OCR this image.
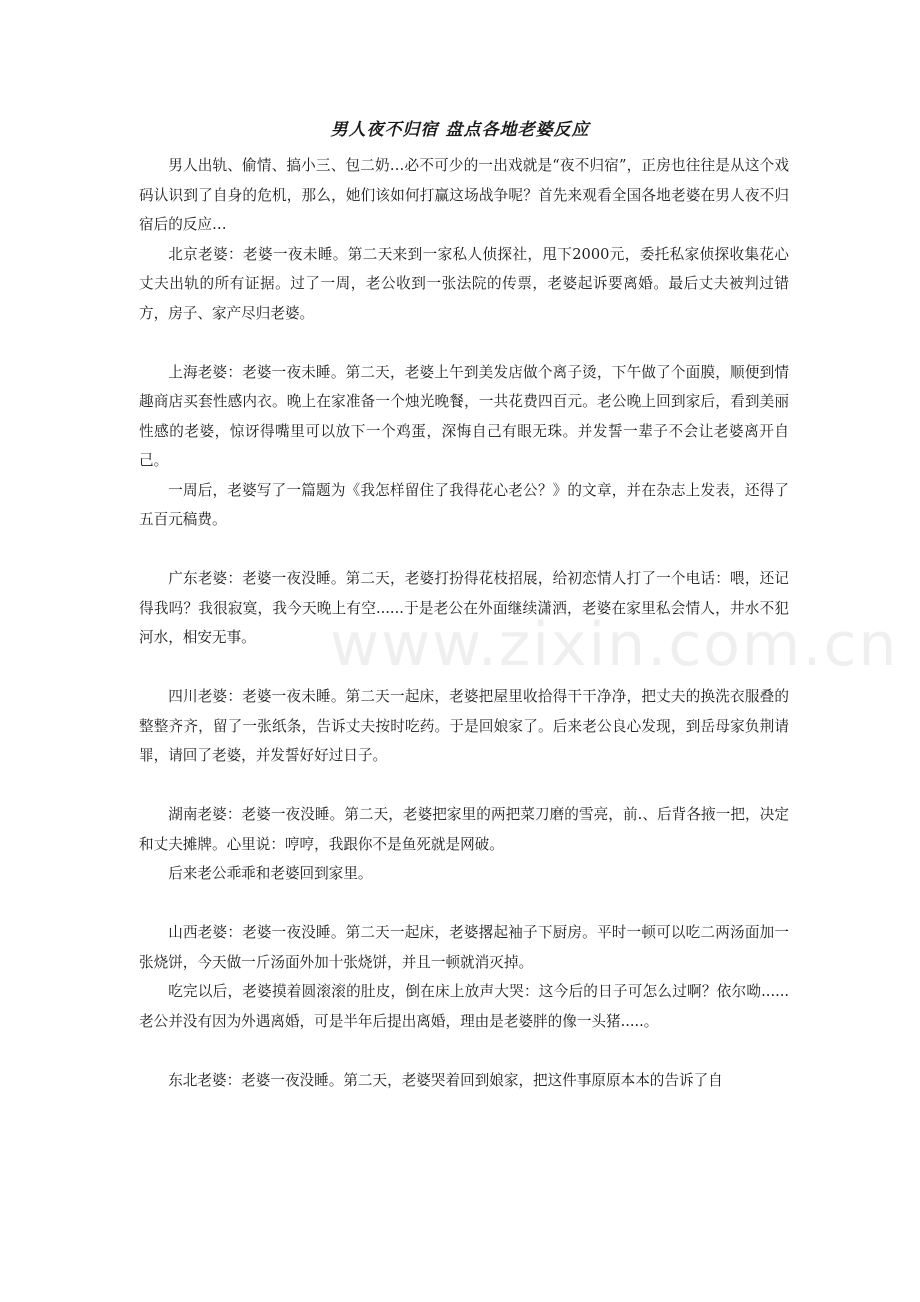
www.zixin.com.cn
男人夜不归宿 盘点各地老婆反应

男人出轨、偷情、搞小三、包二奶…必不可少的一出戏就是“夜不归宿”，正房也往往是从这个戏码认识到了自身的危机，那么，她们该如何打赢这场战争呢？首先来观看全国各地老婆在男人夜不归宿后的反应…

北京老婆：老婆一夜未睡。第二天来到一家私人侦探社，甩下2000元，委托私家侦探收集花心丈夫出轨的所有证据。过了一周，老公收到一张法院的传票，老婆起诉要离婚。最后丈夫被判过错方，房子、家产尽归老婆。

上海老婆：老婆一夜未睡。第二天，老婆上午到美发店做个离子烫，下午做了个面膜，顺便到情趣商店买套性感内衣。晚上在家准备一个烛光晚餐，一共花费四百元。老公晚上回到家后，看到美丽性感的老婆，惊讶得嘴里可以放下一个鸡蛋，深悔自己有眼无珠。并发誓一辈子不会让老婆离开自己。

一周后，老婆写了一篇题为《我怎样留住了我得花心老公？》的文章，并在杂志上发表，还得了五百元稿费。

广东老婆：老婆一夜没睡。第二天，老婆打扮得花枝招展，给初恋情人打了一个电话：喂，还记得我吗？我很寂寞，我今天晚上有空......于是老公在外面继续潇洒，老婆在家里私会情人，井水不犯河水，相安无事。

四川老婆：老婆一夜未睡。第二天一起床，老婆把屋里收拾得干干净净，把丈夫的换洗衣服叠的整整齐齐，留了一张纸条，告诉丈夫按时吃药。于是回娘家了。后来老公良心发现，到岳母家负荆请罪，请回了老婆，并发誓好好过日子。

湖南老婆：老婆一夜没睡。第二天，老婆把家里的两把菜刀磨的雪亮，前.、后背各掖一把，决定和丈夫摊牌。心里说：哼哼，我跟你不是鱼死就是网破。

后来老公乖乖和老婆回到家里。

山西老婆：老婆一夜没睡。第二天一起床，老婆撂起袖子下厨房。平时一顿可以吃二两汤面加一张烧饼，今天做一斤汤面外加十张烧饼，并且一顿就消灭掉。

吃完以后，老婆摸着圆滚滚的肚皮，倒在床上放声大哭：这今后的日子可怎么过啊？依尔呦......老公并没有因为外遇离婚，可是半年后提出离婚，理由是老婆胖的像一头猪.....。

东北老婆：老婆一夜没睡。第二天，老婆哭着回到娘家，把这件事原原本本的告诉了自
